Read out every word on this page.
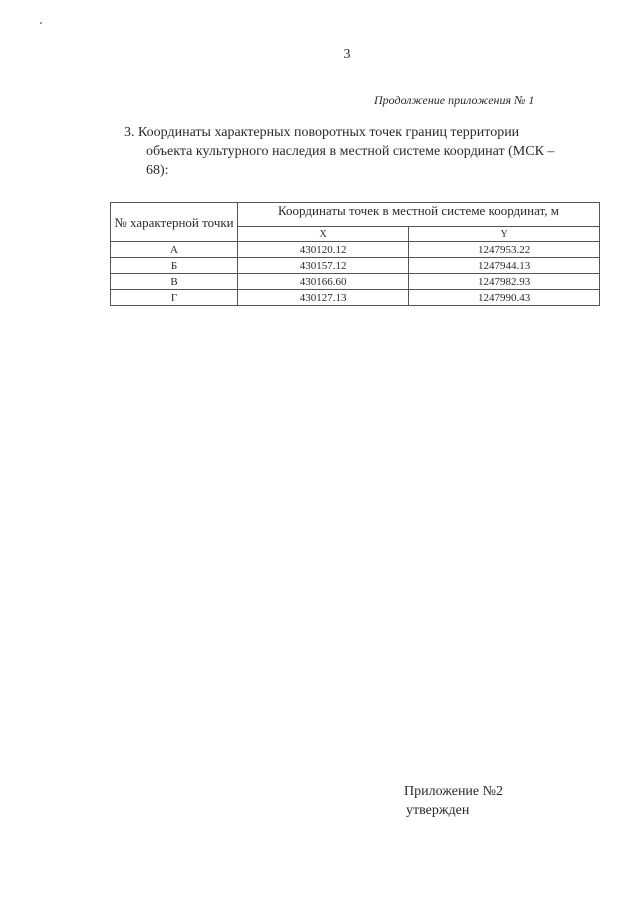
3
Продолжение приложения № 1
3. Координаты характерных поворотных точек границ территории
объекта культурного наследия в местной системе координат (МСК –
68):
№ характерной точки	Координаты точек в местной системе координат, м	
	X	Y
А	430120.12	1247953.22
Б	430157.12	1247944.13
В	430166.60	1247982.93
Г	430127.13	1247990.43
Приложение №2
утвержден
